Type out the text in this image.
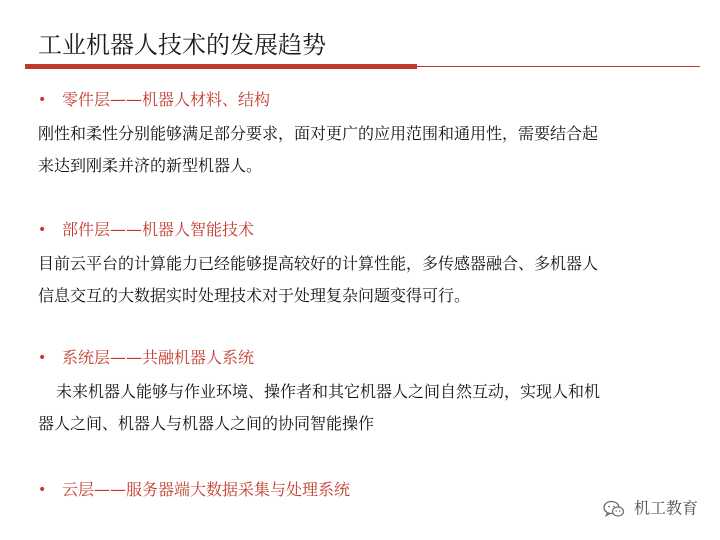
工业机器人技术的发展趋势
• 零件层——机器人材料、结构
刚性和柔性分别能够满足部分要求，面对更广的应用范围和通用性，需要结合起
来达到刚柔并济的新型机器人。
• 部件层——机器人智能技术
目前云平台的计算能力已经能够提高较好的计算性能，多传感器融合、多机器人
信息交互的大数据实时处理技术对于处理复杂问题变得可行。
• 系统层——共融机器人系统
未来机器人能够与作业环境、操作者和其它机器人之间自然互动，实现人和机
器人之间、机器人与机器人之间的协同智能操作
• 云层——服务器端大数据采集与处理系统
机工教育
